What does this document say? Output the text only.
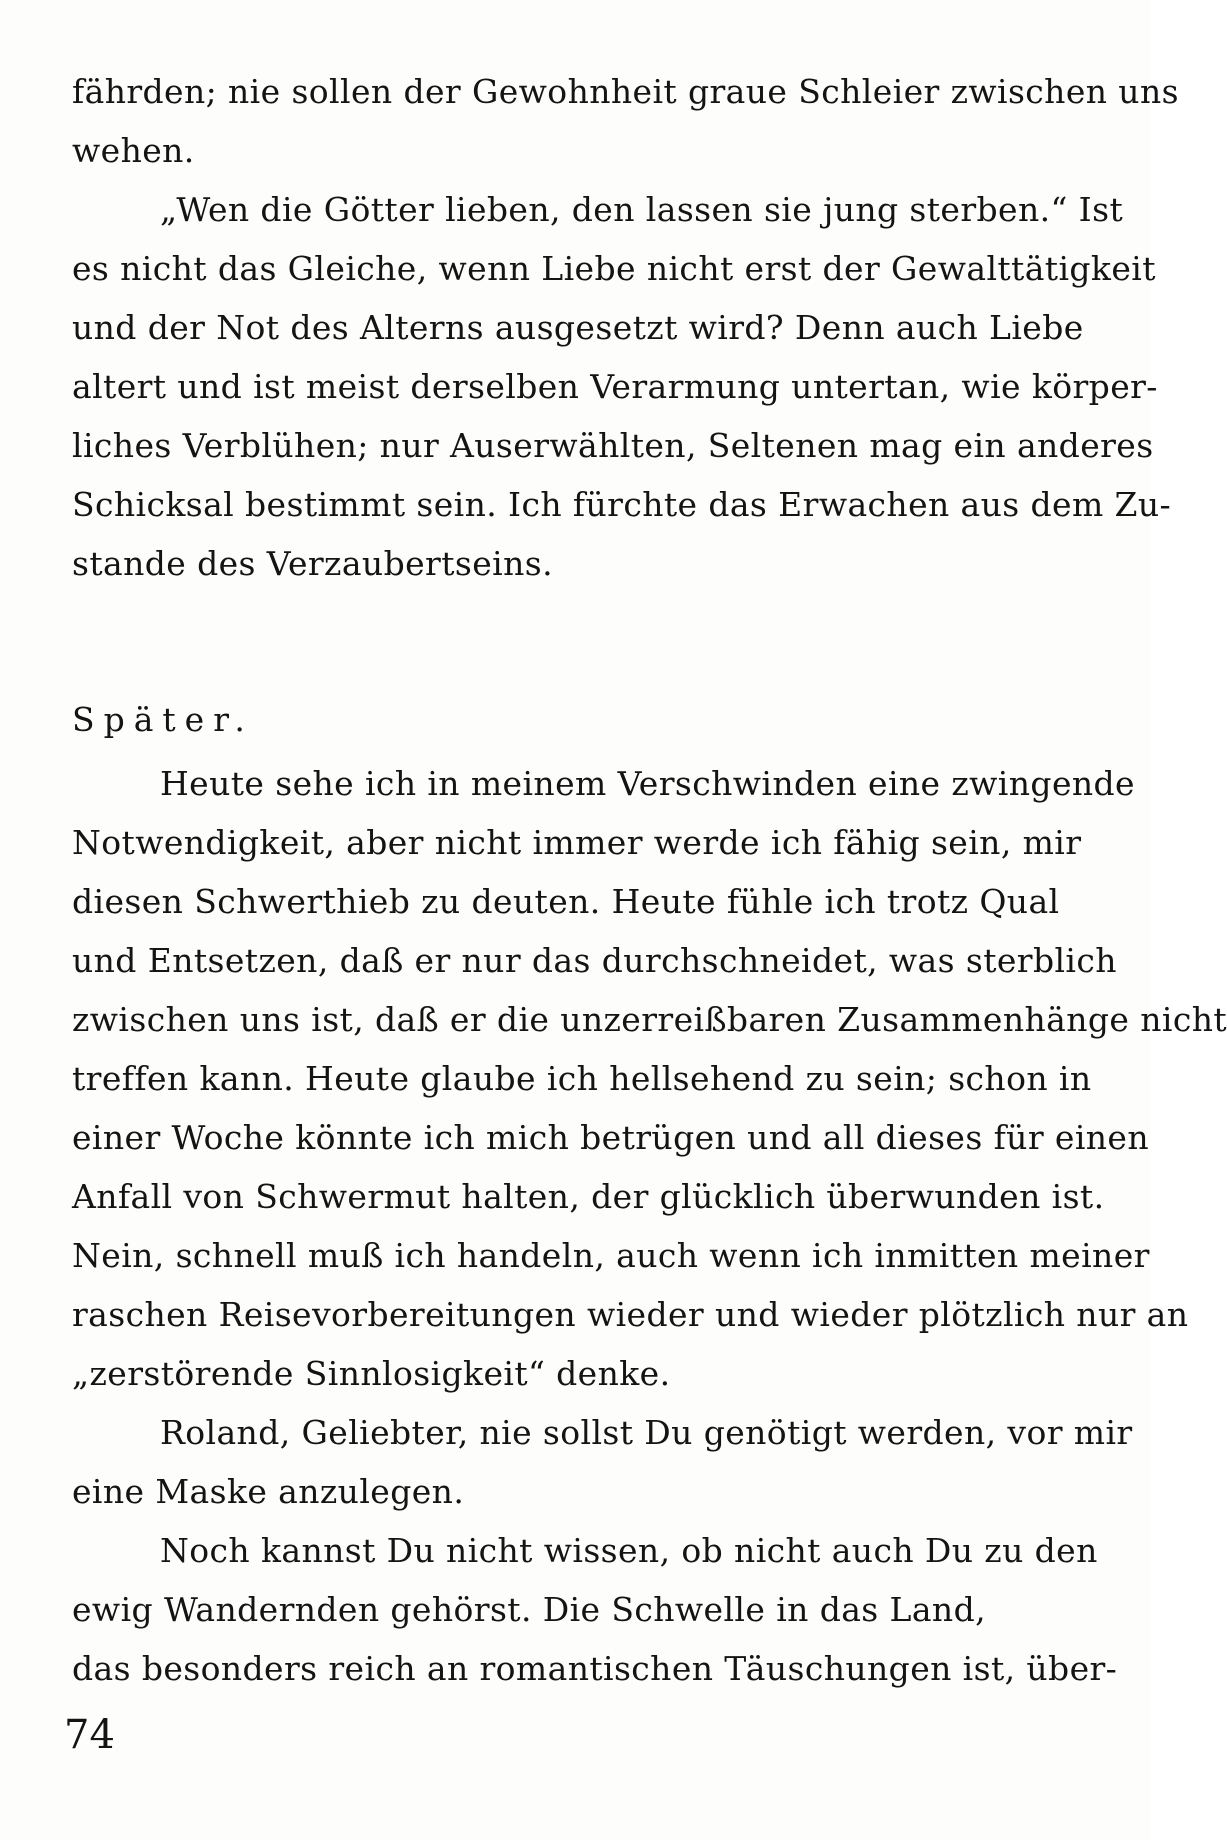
fährden; nie sollen der Gewohnheit graue Schleier zwischen uns
wehen.
„Wen die Götter lieben, den lassen sie jung sterben.“ Ist
es nicht das Gleiche, wenn Liebe nicht erst der Gewalttätigkeit
und der Not des Alterns ausgesetzt wird? Denn auch Liebe
altert und ist meist derselben Verarmung untertan, wie körper-
liches Verblühen; nur Auserwählten, Seltenen mag ein anderes
Schicksal bestimmt sein. Ich fürchte das Erwachen aus dem Zu-
stande des Verzaubertseins.
Später.
Heute sehe ich in meinem Verschwinden eine zwingende
Notwendigkeit, aber nicht immer werde ich fähig sein, mir
diesen Schwerthieb zu deuten. Heute fühle ich trotz Qual
und Entsetzen, daß er nur das durchschneidet, was sterblich
zwischen uns ist, daß er die unzerreißbaren Zusammenhänge nicht
treffen kann. Heute glaube ich hellsehend zu sein; schon in
einer Woche könnte ich mich betrügen und all dieses für einen
Anfall von Schwermut halten, der glücklich überwunden ist.
Nein, schnell muß ich handeln, auch wenn ich inmitten meiner
raschen Reisevorbereitungen wieder und wieder plötzlich nur an
„zerstörende Sinnlosigkeit“ denke.
Roland, Geliebter, nie sollst Du genötigt werden, vor mir
eine Maske anzulegen.
Noch kannst Du nicht wissen, ob nicht auch Du zu den
ewig Wandernden gehörst. Die Schwelle in das Land,
das besonders reich an romantischen Täuschungen ist, über-
74
